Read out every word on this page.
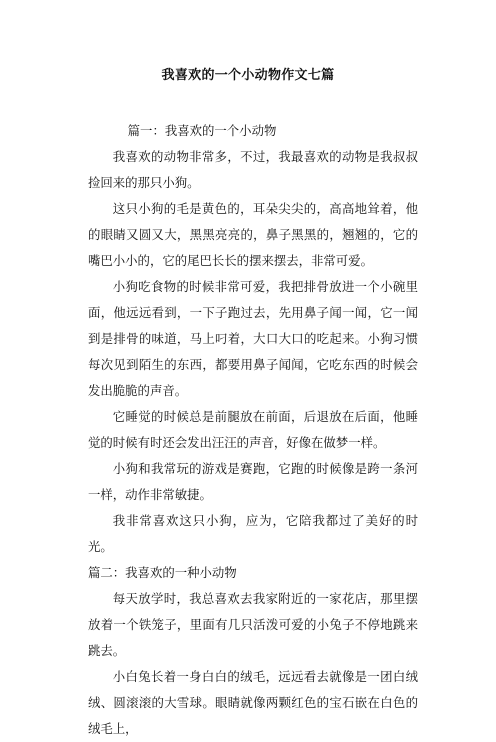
我喜欢的一个小动物作文七篇

篇一：我喜欢的一个小动物

我喜欢的动物非常多，不过，我最喜欢的动物是我叔叔捡回来的那只小狗。

这只小狗的毛是黄色的，耳朵尖尖的，高高地耸着，他的眼睛又圆又大，黑黑亮亮的，鼻子黑黑的，翘翘的，它的嘴巴小小的，它的尾巴长长的摆来摆去，非常可爱。

小狗吃食物的时候非常可爱，我把排骨放进一个小碗里面，他远远看到，一下子跑过去，先用鼻子闻一闻，它一闻到是排骨的味道，马上叼着，大口大口的吃起来。小狗习惯每次见到陌生的东西，都要用鼻子闻闻，它吃东西的时候会发出脆脆的声音。

它睡觉的时候总是前腿放在前面，后退放在后面，他睡觉的时候有时还会发出汪汪的声音，好像在做梦一样。

小狗和我常玩的游戏是赛跑，它跑的时候像是跨一条河一样，动作非常敏捷。

我非常喜欢这只小狗，应为，它陪我都过了美好的时光。

篇二：我喜欢的一种小动物

每天放学时，我总喜欢去我家附近的一家花店，那里摆放着一个铁笼子，里面有几只活泼可爱的小兔子不停地跳来跳去。

小白兔长着一身白白的绒毛，远远看去就像是一团白绒绒、圆滚滚的大雪球。眼睛就像两颗红色的宝石嵌在白色的绒毛上，
